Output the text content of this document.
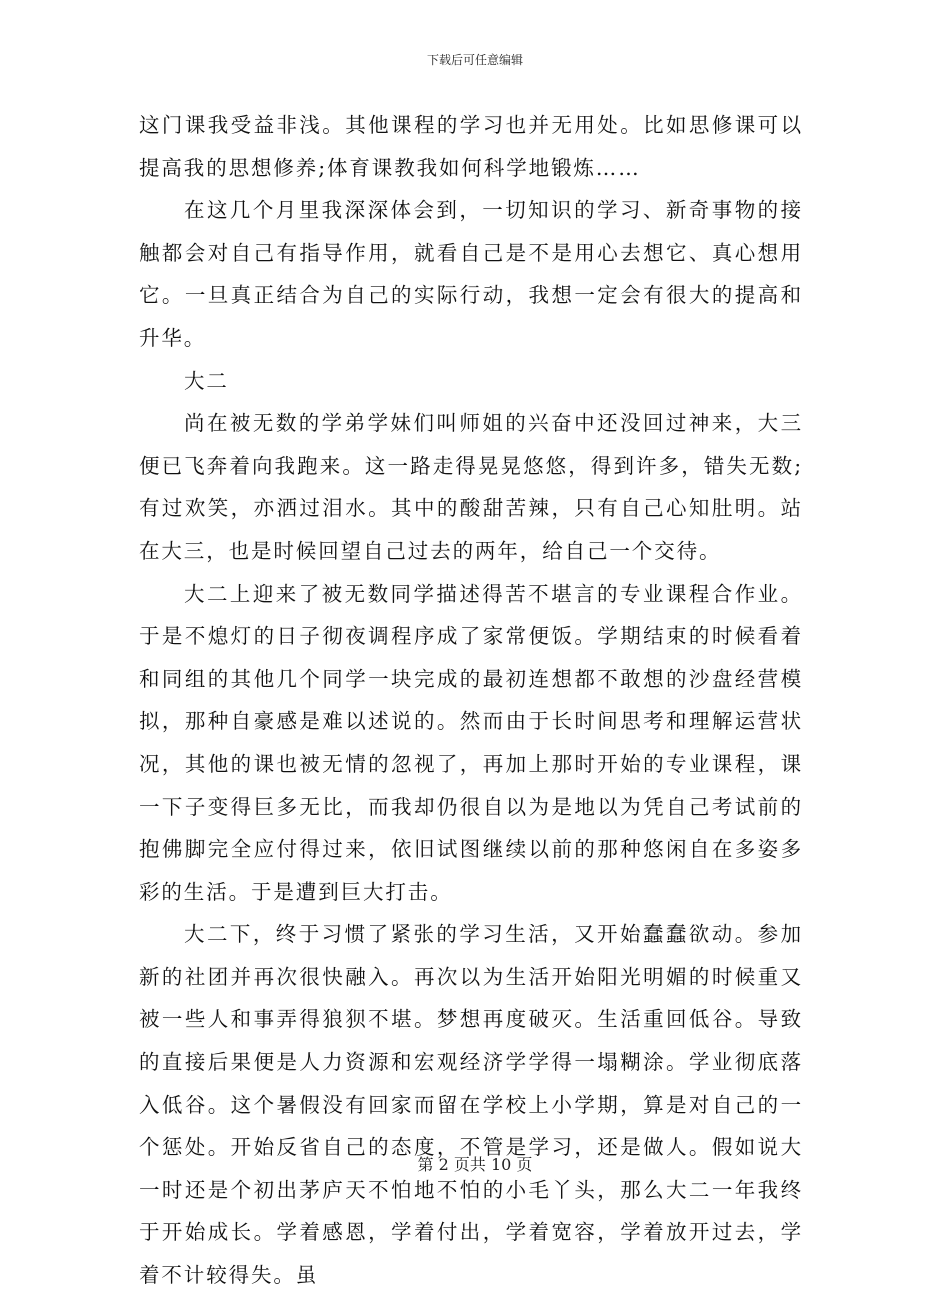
下载后可任意编辑

这门课我受益非浅。其他课程的学习也并无用处。比如思修课可以提高我的思想修养;体育课教我如何科学地锻炼……

在这几个月里我深深体会到，一切知识的学习、新奇事物的接触都会对自己有指导作用，就看自己是不是用心去想它、真心想用它。一旦真正结合为自己的实际行动，我想一定会有很大的提高和升华。

大二

尚在被无数的学弟学妹们叫师姐的兴奋中还没回过神来，大三便已飞奔着向我跑来。这一路走得晃晃悠悠，得到许多，错失无数;有过欢笑，亦洒过泪水。其中的酸甜苦辣，只有自己心知肚明。站在大三，也是时候回望自己过去的两年，给自己一个交待。

大二上迎来了被无数同学描述得苦不堪言的专业课程合作业。于是不熄灯的日子彻夜调程序成了家常便饭。学期结束的时候看着和同组的其他几个同学一块完成的最初连想都不敢想的沙盘经营模拟，那种自豪感是难以述说的。然而由于长时间思考和理解运营状况，其他的课也被无情的忽视了，再加上那时开始的专业课程，课一下子变得巨多无比，而我却仍很自以为是地以为凭自己考试前的抱佛脚完全应付得过来，依旧试图继续以前的那种悠闲自在多姿多彩的生活。于是遭到巨大打击。

大二下，终于习惯了紧张的学习生活，又开始蠢蠢欲动。参加新的社团并再次很快融入。再次以为生活开始阳光明媚的时候重又被一些人和事弄得狼狈不堪。梦想再度破灭。生活重回低谷。导致的直接后果便是人力资源和宏观经济学学得一塌糊涂。学业彻底落入低谷。这个暑假没有回家而留在学校上小学期，算是对自己的一个惩处。开始反省自己的态度，不管是学习，还是做人。假如说大一时还是个初出茅庐天不怕地不怕的小毛丫头，那么大二一年我终于开始成长。学着感恩，学着付出，学着宽容，学着放开过去，学着不计较得失。虽

第 2 页共 10 页
